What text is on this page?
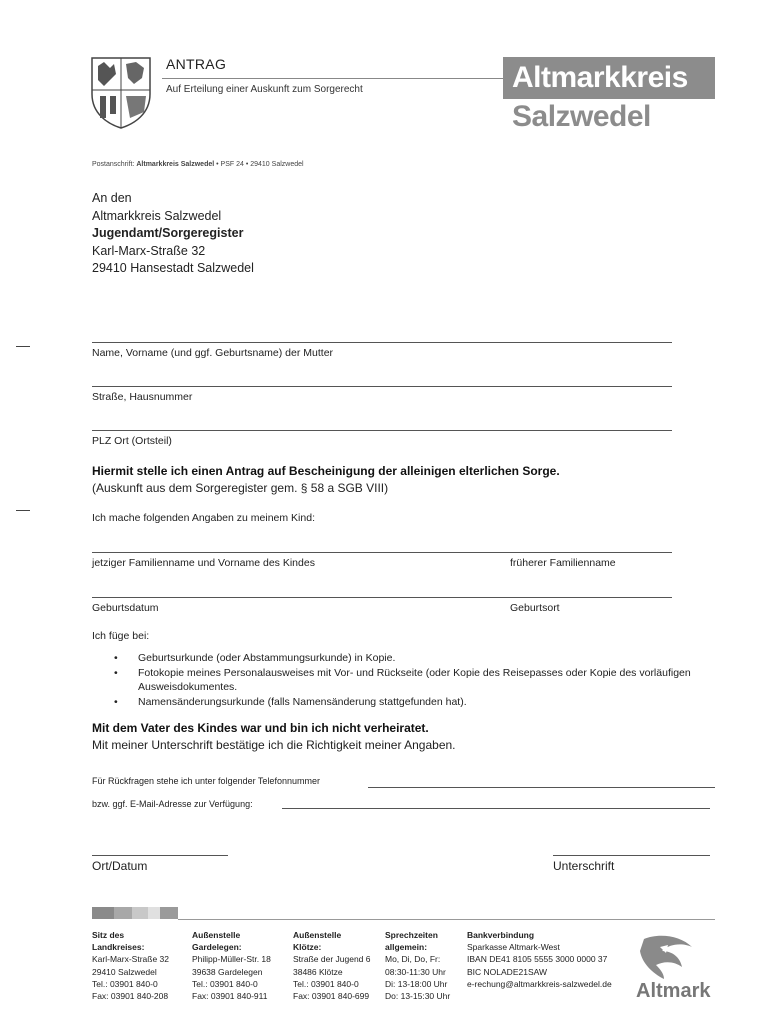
ANTRAG
Auf Erteilung einer Auskunft zum Sorgerecht	Altmarkkreis
Salzwedel
Postanschrift: Altmarkkreis Salzwedel • PSF 24 • 29410 Salzwedel
An den
Altmarkkreis Salzwedel
Jugendamt/Sorgeregister
Karl-Marx-Straße 32
29410 Hansestadt Salzwedel
Name, Vorname (und ggf. Geburtsname) der Mutter
Straße, Hausnummer
PLZ Ort (Ortsteil)
Hiermit stelle ich einen Antrag auf Bescheinigung der alleinigen elterlichen Sorge.
(Auskunft aus dem Sorgeregister gem. § 58 a SGB VIII)
Ich mache folgenden Angaben zu meinem Kind:
jetziger Familienname und Vorname des Kindes	früherer Familienname
Geburtsdatum	Geburtsort
Ich füge bei:
• Geburtsurkunde (oder Abstammungsurkunde) in Kopie.
• Fotokopie meines Personalausweises mit Vor- und Rückseite (oder Kopie des Reisepasses oder Kopie des vorläufigen Ausweisdokumentes.
• Namensänderungsurkunde (falls Namensänderung stattgefunden hat).
Mit dem Vater des Kindes war und bin ich nicht verheiratet.
Mit meiner Unterschrift bestätige ich die Richtigkeit meiner Angaben.
Für Rückfragen stehe ich unter folgender Telefonnummer
bzw. ggf. E-Mail-Adresse zur Verfügung:
Ort/Datum	Unterschrift
Sitz des
Landkreises:
Karl-Marx-Straße 32
29410 Salzwedel
Tel.: 03901 840-0
Fax: 03901 840-208
Außenstelle
Gardelegen:
Philipp-Müller-Str. 18
39638 Gardelegen
Tel.: 03901 840-0
Fax: 03901 840-911
Außenstelle
Klötze:
Straße der Jugend 6
38486 Klötze
Tel.: 03901 840-0
Fax: 03901 840-699
Sprechzeiten
allgemein:
Mo, Di, Do, Fr:
08:30-11:30 Uhr
Di: 13-18:00 Uhr
Do: 13-15:30 Uhr
Bankverbindung
Sparkasse Altmark-West
IBAN DE41 8105 5555 3000 0000 37
BIC NOLADE21SAW
e-rechung@altmarkkreis-salzwedel.de Altmark
